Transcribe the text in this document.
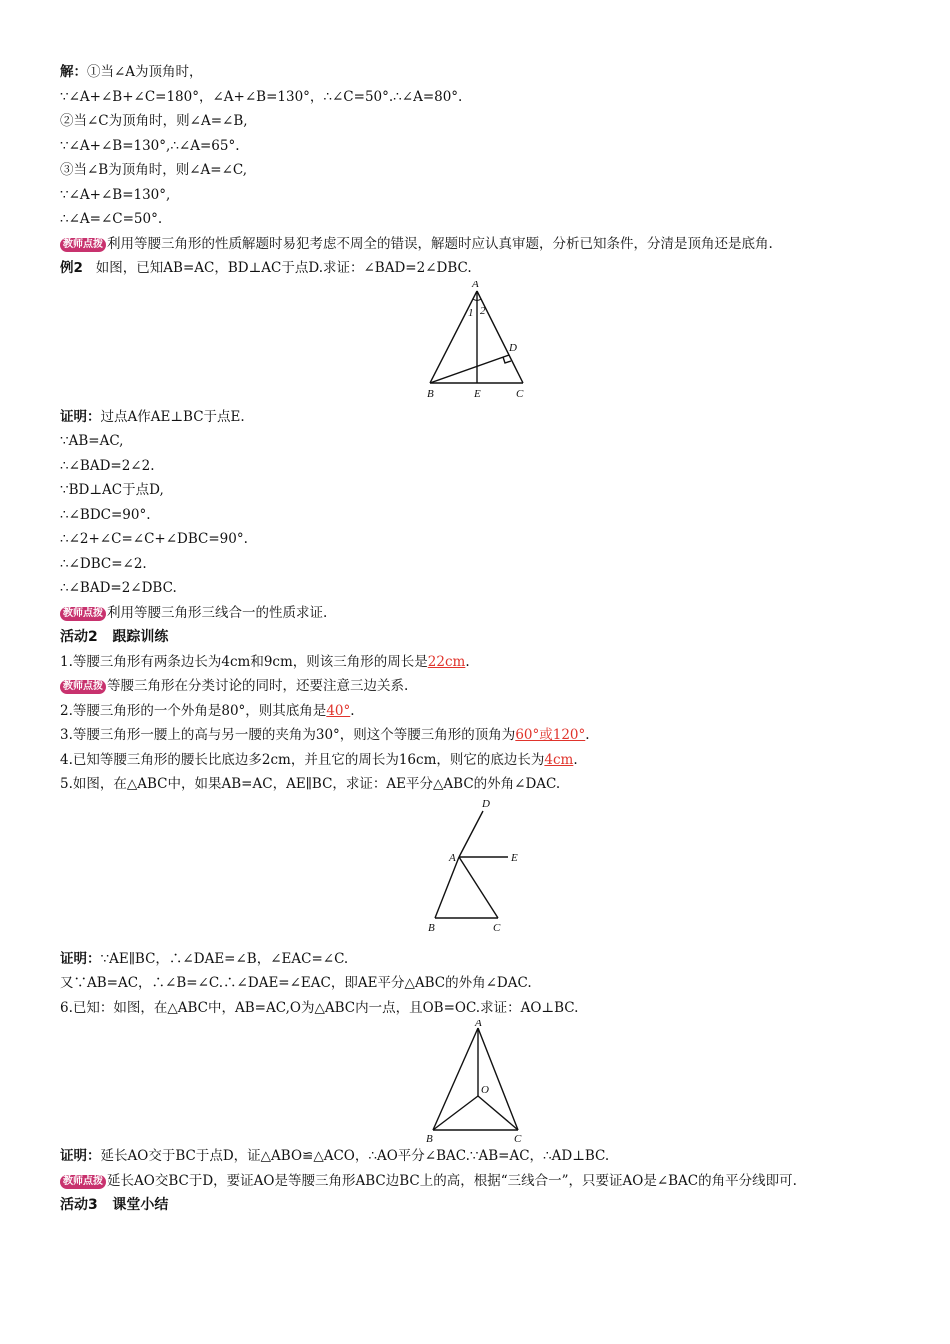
解：①当∠A为顶角时，
∵∠A+∠B+∠C=180°，∠A+∠B=130°，∴∠C=50°.∴∠A=80°.
②当∠C为顶角时，则∠A=∠B,
∵∠A+∠B=130°,∴∠A=65°.
③当∠B为顶角时，则∠A=∠C,
∵∠A+∠B=130°,
∴∠A=∠C=50°.
教师点拨 利用等腰三角形的性质解题时易犯考虑不周全的错误，解题时应认真审题，分析已知条件，分清是顶角还是底角.
例2 如图，已知AB=AC，BD⊥AC于点D.求证：∠BAD=2∠DBC.
A
B	E	C
D
1 2
证明：过点A作AE⊥BC于点E.
∵AB=AC,
∴∠BAD=2∠2.
∵BD⊥AC于点D,
∴∠BDC=90°.
∴∠2+∠C=∠C+∠DBC=90°.
∴∠DBC=∠2.
∴∠BAD=2∠DBC.
教师点拨 利用等腰三角形三线合一的性质求证.
活动2   跟踪训练
1.等腰三角形有两条边长为4cm和9cm，则该三角形的周长是22cm.
教师点拨 等腰三角形在分类讨论的同时，还要注意三边关系.
2.等腰三角形的一个外角是80°，则其底角是40°.
3.等腰三角形一腰上的高与另一腰的夹角为30°，则这个等腰三角形的顶角为60°或120°.
4.已知等腰三角形的腰长比底边多2cm，并且它的周长为16cm，则它的底边长为4cm.
5.如图，在△ABC中，如果AB=AC，AE∥BC，求证：AE平分△ABC的外角∠DAC.
D
A	E
B	C
证明：∵AE∥BC，∴∠DAE=∠B，∠EAC=∠C.
又∵AB=AC，∴∠B=∠C.∴∠DAE=∠EAC，即AE平分△ABC的外角∠DAC.
6.已知：如图，在△ABC中，AB=AC,O为△ABC内一点，且OB=OC.求证：AO⊥BC.
A
O
B	C
证明：延长AO交于BC于点D，证△ABO≌△ACO，∴AO平分∠BAC.∵AB=AC，∴AD⊥BC.
教师点拨 延长AO交BC于D，要证AO是等腰三角形ABC边BC上的高，根据“三线合一”，只要证AO是∠BAC的角平分线即可.
活动3   课堂小结
